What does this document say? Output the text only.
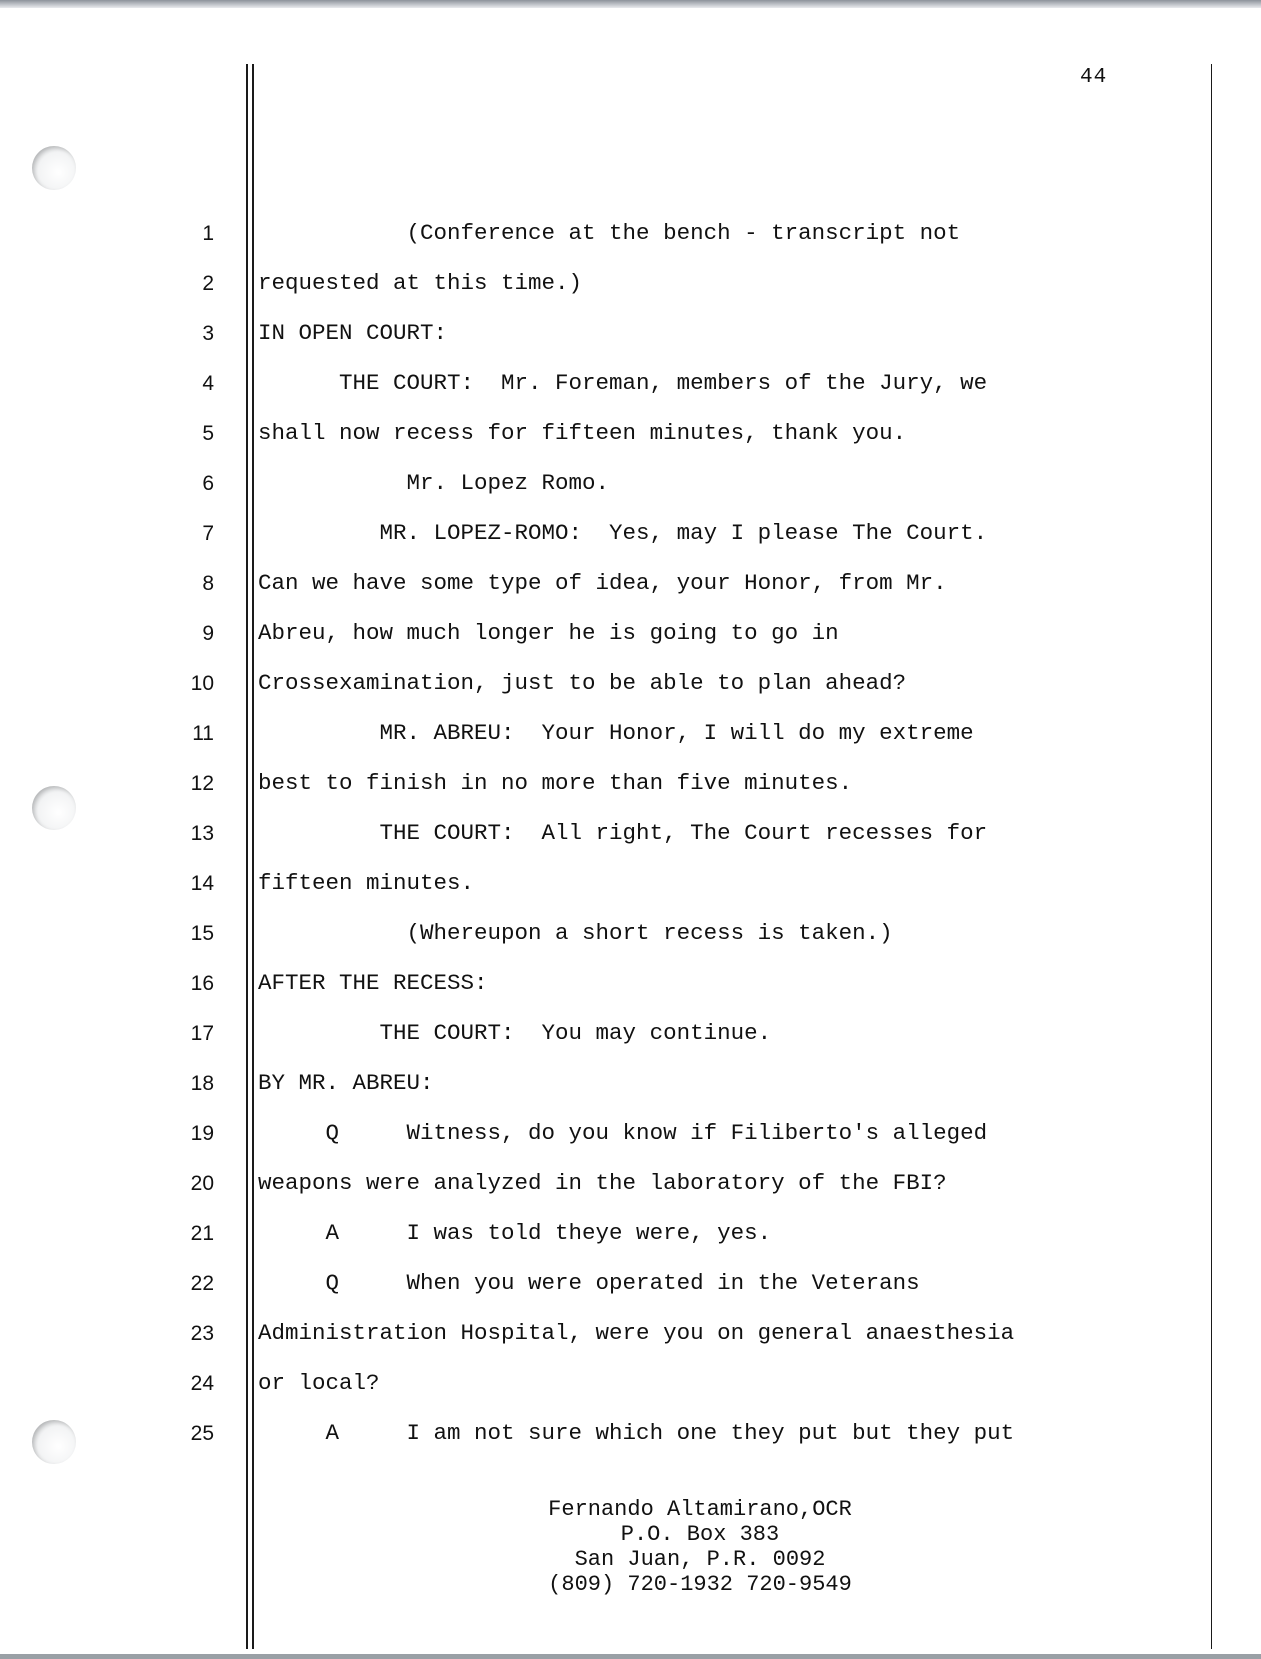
44
1 (Conference at the bench - transcript not
2 requested at this time.)
3 IN OPEN COURT:
4 THE COURT:  Mr. Foreman, members of the Jury, we
5 shall now recess for fifteen minutes, thank you.
6 Mr. Lopez Romo.
7 MR. LOPEZ-ROMO:  Yes, may I please The Court.
8 Can we have some type of idea, your Honor, from Mr.
9 Abreu, how much longer he is going to go in
10 Crossexamination, just to be able to plan ahead?
11 MR. ABREU:  Your Honor, I will do my extreme
12 best to finish in no more than five minutes.
13 THE COURT:  All right, The Court recesses for
14 fifteen minutes.
15 (Whereupon a short recess is taken.)
16 AFTER THE RECESS:
17 THE COURT:  You may continue.
18 BY MR. ABREU:
19 Q     Witness, do you know if Filiberto's alleged
20 weapons were analyzed in the laboratory of the FBI?
21 A     I was told theye were, yes.
22 Q     When you were operated in the Veterans
23 Administration Hospital, were you on general anaesthesia
24 or local?
25 A     I am not sure which one they put but they put
Fernando Altamirano,OCR
P.O. Box 383
San Juan, P.R. 0092
(809) 720-1932 720-9549
